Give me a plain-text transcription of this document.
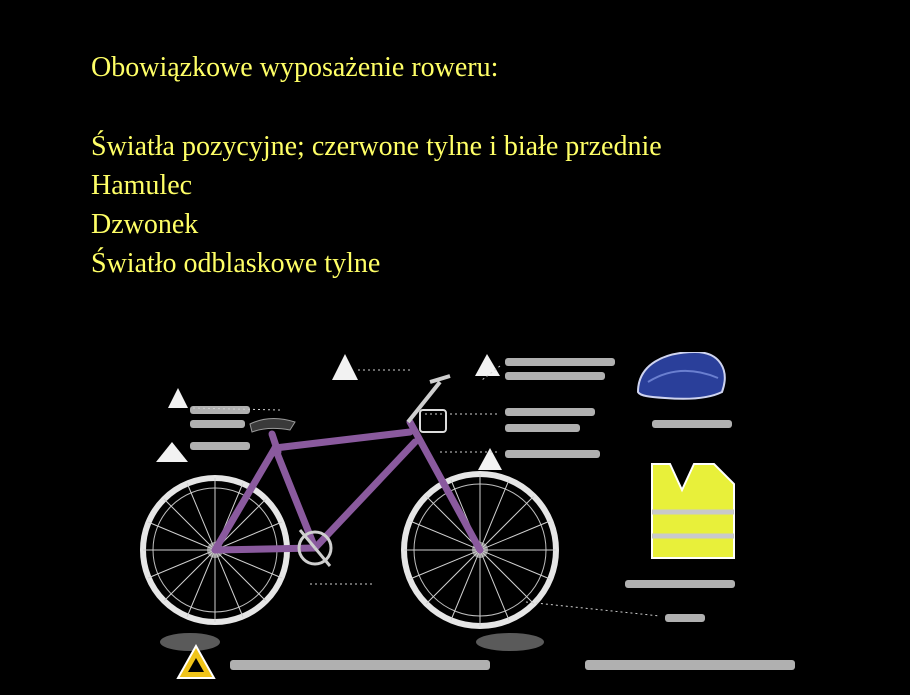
Obowiązkowe wyposażenie roweru:
Światła pozycyjne; czerwone tylne i białe przednie
Hamulec
Dzwonek
Światło odblaskowe tylne
